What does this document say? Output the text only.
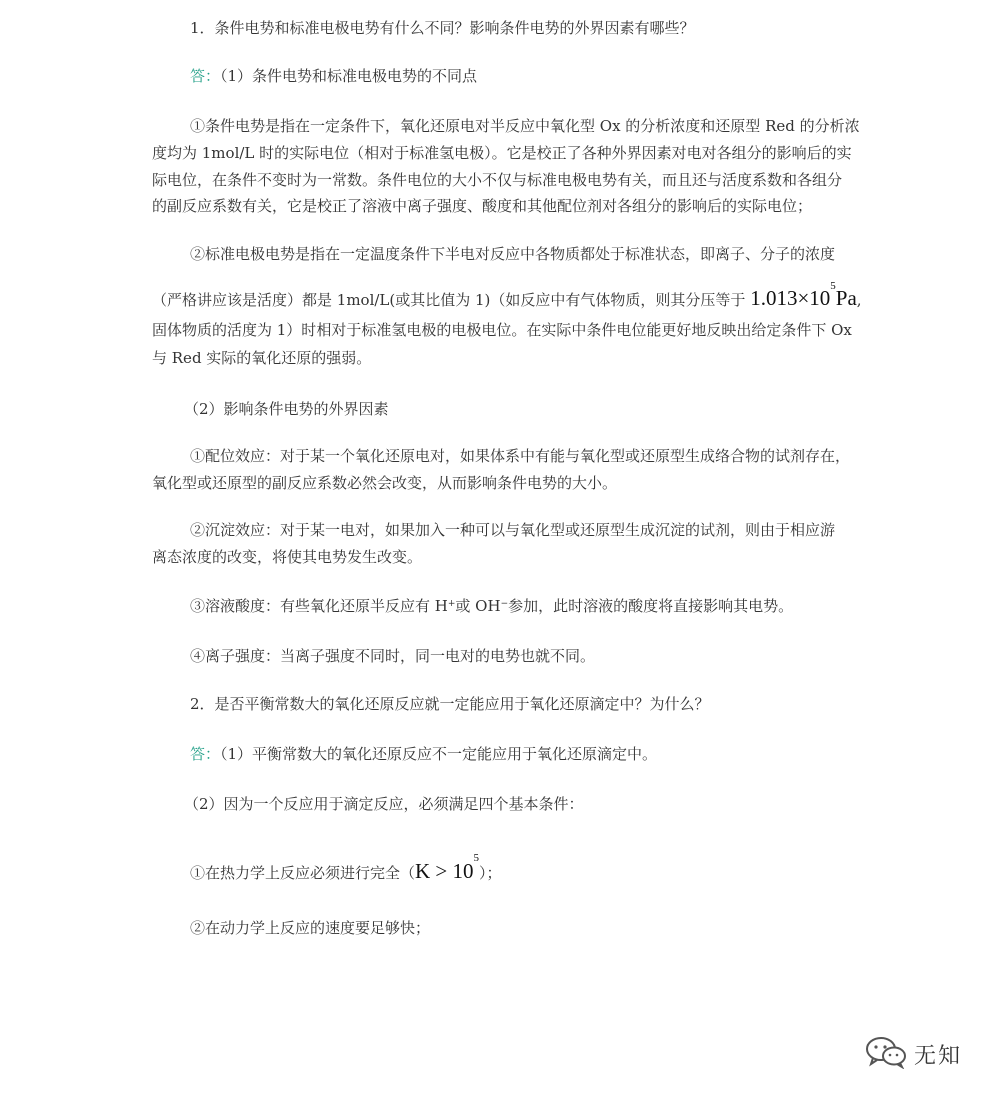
1．条件电势和标准电极电势有什么不同？影响条件电势的外界因素有哪些？
答：（1）条件电势和标准电极电势的不同点
①条件电势是指在一定条件下，氧化还原电对半反应中氧化型 Ox 的分析浓度和还原型 Red 的分析浓
度均为 1mol/L 时的实际电位（相对于标准氢电极）。它是校正了各种外界因素对电对各组分的影响后的实
际电位，在条件不变时为一常数。条件电位的大小不仅与标准电极电势有关，而且还与活度系数和各组分
的副反应系数有关，它是校正了溶液中离子强度、酸度和其他配位剂对各组分的影响后的实际电位；
②标准电极电势是指在一定温度条件下半电对反应中各物质都处于标准状态，即离子、分子的浓度
（严格讲应该是活度）都是 1mol/L(或其比值为 1)（如反应中有气体物质，则其分压等于 $1.013\times 10^5Pa$,
固体物质的活度为 1）时相对于标准氢电极的电极电位。在实际中条件电位能更好地反映出给定条件下 Ox
与 Red 实际的氧化还原的强弱。
（2）影响条件电势的外界因素
①配位效应：对于某一个氧化还原电对，如果体系中有能与氧化型或还原型生成络合物的试剂存在，
氧化型或还原型的副反应系数必然会改变，从而影响条件电势的大小。
②沉淀效应：对于某一电对，如果加入一种可以与氧化型或还原型生成沉淀的试剂，则由于相应游
离态浓度的改变，将使其电势发生改变。
③溶液酸度：有些氧化还原半反应有 H+或 OH−参加，此时溶液的酸度将直接影响其电势。
④离子强度：当离子强度不同时，同一电对的电势也就不同。
2．是否平衡常数大的氧化还原反应就一定能应用于氧化还原滴定中？为什么？
答：（1）平衡常数大的氧化还原反应不一定能应用于氧化还原滴定中。
（2）因为一个反应用于滴定反应，必须满足四个基本条件：
①在热力学上反应必须进行完全$(K > 10^5)$；
②在动力学上反应的速度要足够快；
无知
